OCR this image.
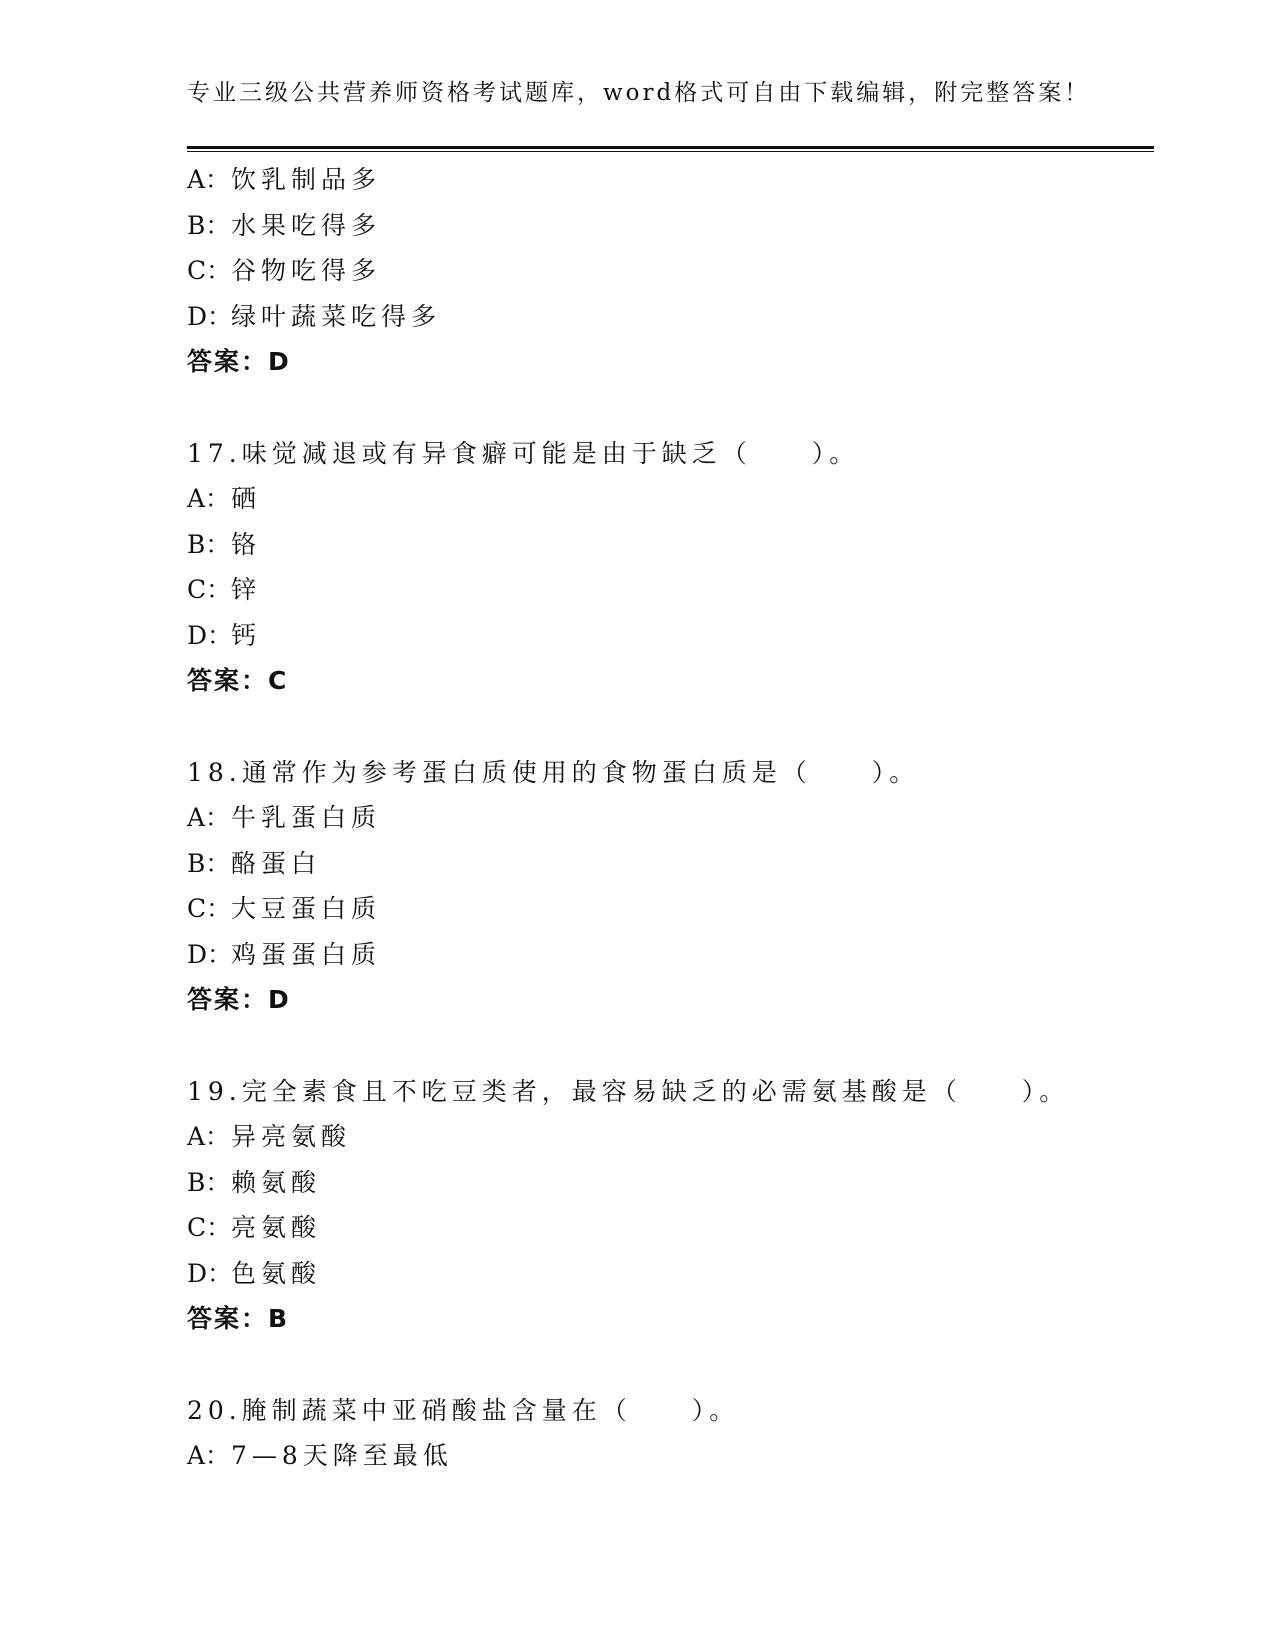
专业三级公共营养师资格考试题库，word格式可自由下载编辑，附完整答案！
A：饮乳制品多
B：水果吃得多
C：谷物吃得多
D：绿叶蔬菜吃得多
答案：D
17.味觉减退或有异食癖可能是由于缺乏（　　）。
A：硒
B：铬
C：锌
D：钙
答案：C
18.通常作为参考蛋白质使用的食物蛋白质是（　　）。
A：牛乳蛋白质
B：酪蛋白
C：大豆蛋白质
D：鸡蛋蛋白质
答案：D
19.完全素食且不吃豆类者，最容易缺乏的必需氨基酸是（　　）。
A：异亮氨酸
B：赖氨酸
C：亮氨酸
D：色氨酸
答案：B
20.腌制蔬菜中亚硝酸盐含量在（　　）。
A：7—8天降至最低
